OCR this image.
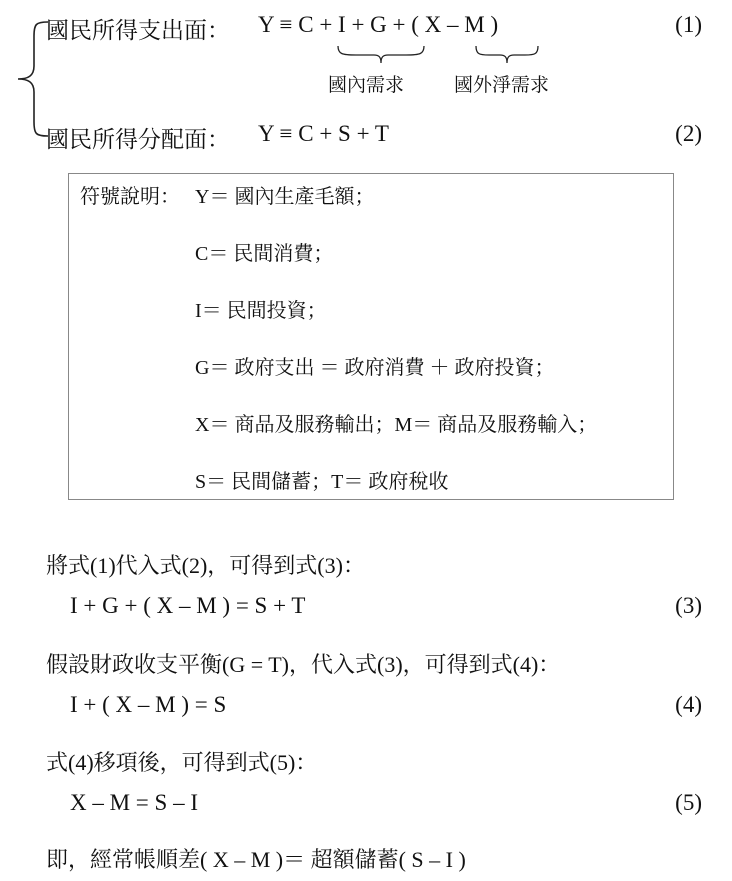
國民所得支出面： Y ≡ C + I + G + ( X – M )	(1)
國內需求	國外淨需求
國民所得分配面： Y ≡ C + S + T	(2)
符號說明： Y＝ 國內生產毛額；
C＝ 民間消費；
I＝ 民間投資；
G＝ 政府支出 ＝ 政府消費 ＋ 政府投資；
X＝ 商品及服務輸出；M＝ 商品及服務輸入；
S＝ 民間儲蓄；T＝ 政府稅收
將式(1)代入式(2)，可得到式(3)：
I + G + ( X – M ) = S + T	(3)
假設財政收支平衡(G = T)，代入式(3)，可得到式(4)：
I + ( X – M ) = S	(4)
式(4)移項後，可得到式(5)：
X – M = S – I	(5)
即，經常帳順差( X – M )＝ 超額儲蓄( S – I )
